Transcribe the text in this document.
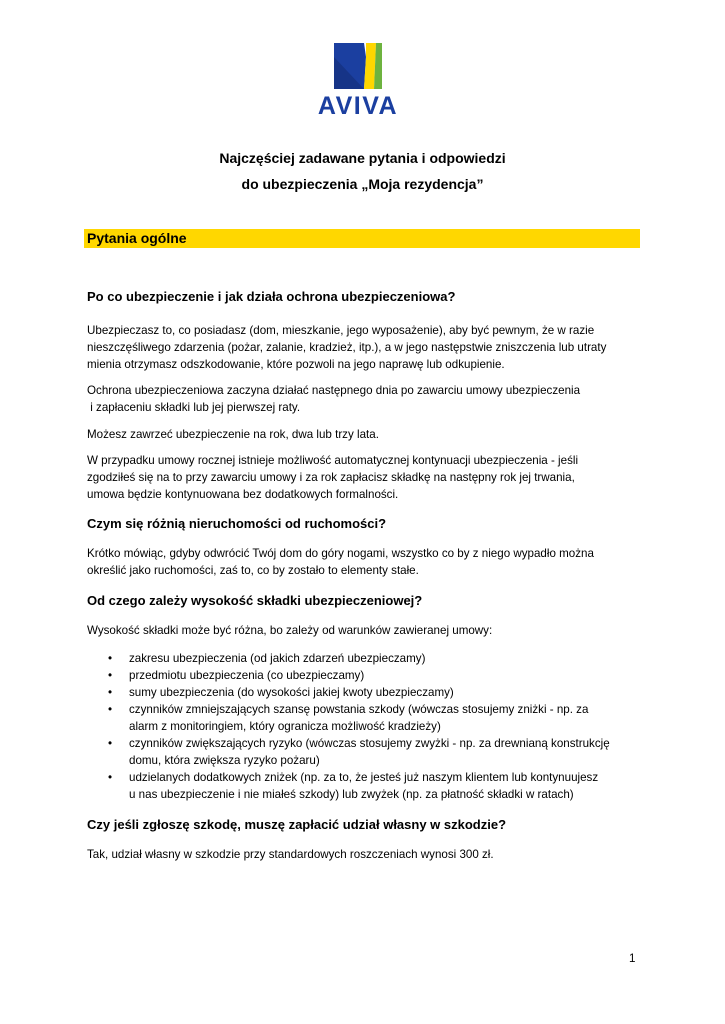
AVIVA
Najczęściej zadawane pytania i odpowiedzi
do ubezpieczenia „Moja rezydencja”
Pytania ogólne
Po co ubezpieczenie i jak działa ochrona ubezpieczeniowa?

Ubezpieczasz to, co posiadasz (dom, mieszkanie, jego wyposażenie), aby być pewnym, że w razie
nieszczęśliwego zdarzenia (pożar, zalanie, kradzież, itp.), a w jego następstwie zniszczenia lub utraty
mienia otrzymasz odszkodowanie, które pozwoli na jego naprawę lub odkupienie.

Ochrona ubezpieczeniowa zaczyna działać następnego dnia po zawarciu umowy ubezpieczenia
i zapłaceniu składki lub jej pierwszej raty.

Możesz zawrzeć ubezpieczenie na rok, dwa lub trzy lata.

W przypadku umowy rocznej istnieje możliwość automatycznej kontynuacji ubezpieczenia - jeśli
zgodziłeś się na to przy zawarciu umowy i za rok zapłacisz składkę na następny rok jej trwania,
umowa będzie kontynuowana bez dodatkowych formalności.

Czym się różnią nieruchomości od ruchomości?

Krótko mówiąc, gdyby odwrócić Twój dom do góry nogami, wszystko co by z niego wypadło można
określić jako ruchomości, zaś to, co by zostało to elementy stałe.

Od czego zależy wysokość składki ubezpieczeniowej?

Wysokość składki może być różna, bo zależy od warunków zawieranej umowy:

• zakresu ubezpieczenia (od jakich zdarzeń ubezpieczamy)
• przedmiotu ubezpieczenia (co ubezpieczamy)
• sumy ubezpieczenia (do wysokości jakiej kwoty ubezpieczamy)
• czynników zmniejszających szansę powstania szkody (wówczas stosujemy zniżki - np. za
alarm z monitoringiem, który ogranicza możliwość kradzieży)
• czynników zwiększających ryzyko (wówczas stosujemy zwyżki - np. za drewnianą konstrukcję
domu, która zwiększa ryzyko pożaru)
• udzielanych dodatkowych zniżek (np. za to, że jesteś już naszym klientem lub kontynuujesz
u nas ubezpieczenie i nie miałeś szkody) lub zwyżek (np. za płatność składki w ratach)
Czy jeśli zgłoszę szkodę, muszę zapłacić udział własny w szkodzie?

Tak, udział własny w szkodzie przy standardowych roszczeniach wynosi 300 zł.

1
